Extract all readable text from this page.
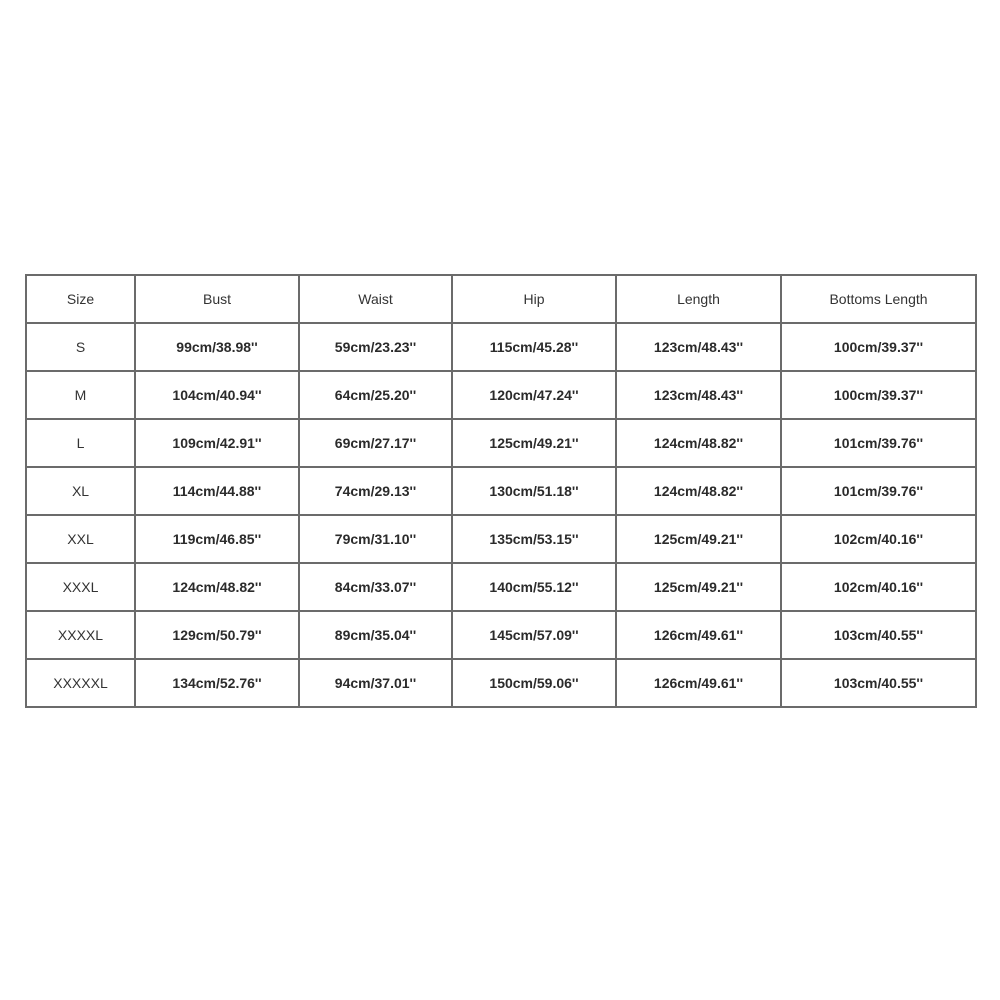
Size	Bust	Waist	Hip	Length	Bottoms Length
S	99cm/38.98''	59cm/23.23''	115cm/45.28''	123cm/48.43''	100cm/39.37''
M	104cm/40.94''	64cm/25.20''	120cm/47.24''	123cm/48.43''	100cm/39.37''
L	109cm/42.91''	69cm/27.17''	125cm/49.21''	124cm/48.82''	101cm/39.76''
XL	114cm/44.88''	74cm/29.13''	130cm/51.18''	124cm/48.82''	101cm/39.76''
XXL	119cm/46.85''	79cm/31.10''	135cm/53.15''	125cm/49.21''	102cm/40.16''
XXXL	124cm/48.82''	84cm/33.07''	140cm/55.12''	125cm/49.21''	102cm/40.16''
XXXXL	129cm/50.79''	89cm/35.04''	145cm/57.09''	126cm/49.61''	103cm/40.55''
XXXXXL	134cm/52.76''	94cm/37.01''	150cm/59.06''	126cm/49.61''	103cm/40.55''
